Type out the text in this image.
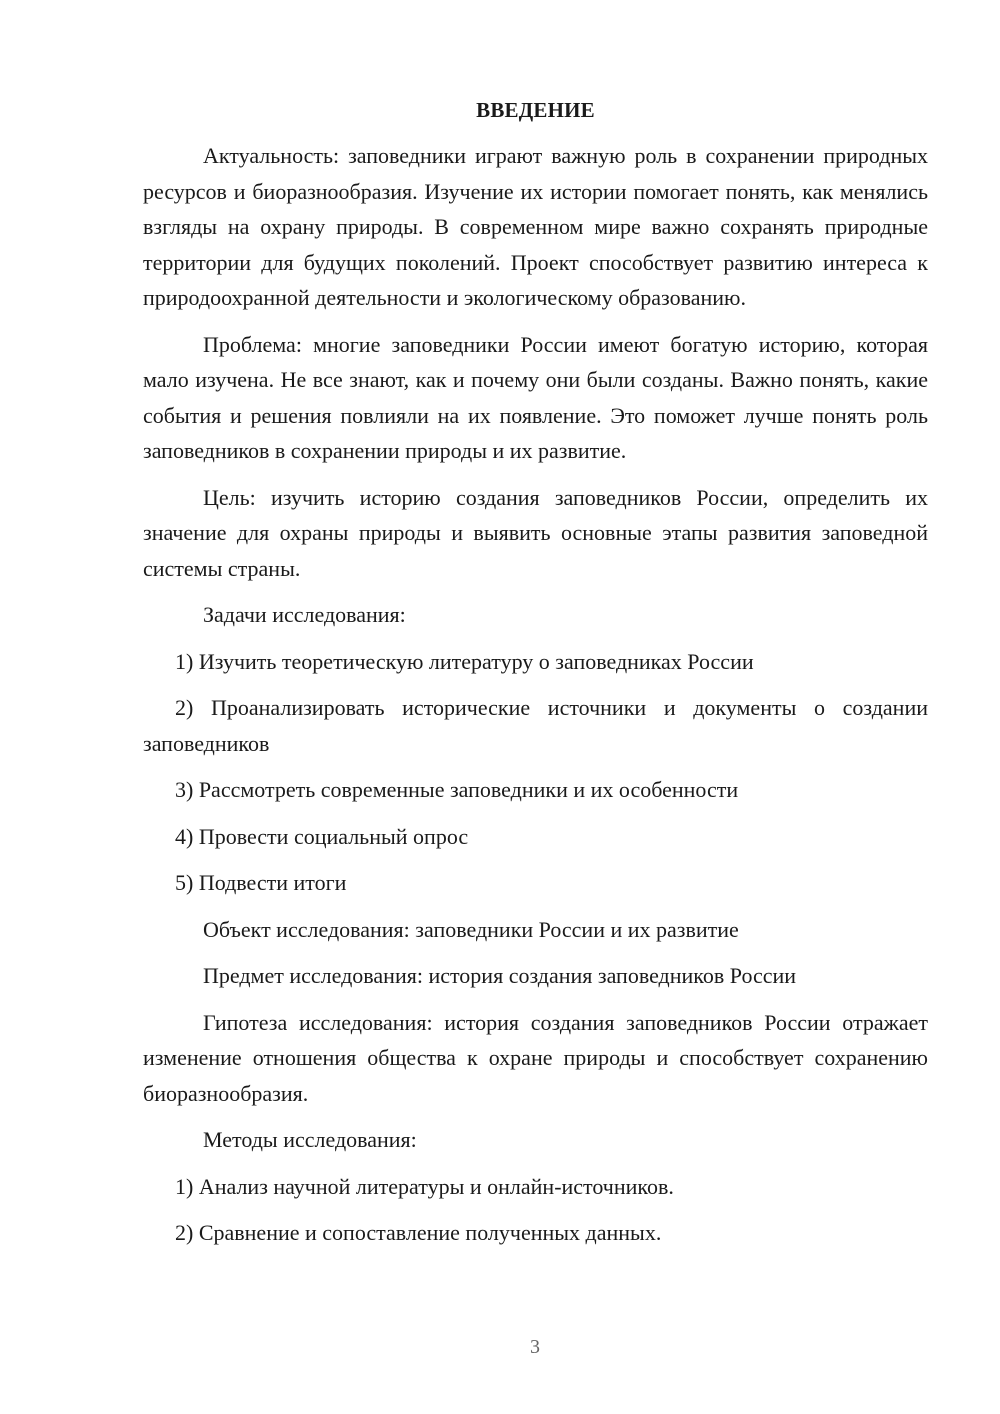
ВВЕДЕНИЕ

Актуальность: заповедники играют важную роль в сохранении природных ресурсов и биоразнообразия. Изучение их истории помогает понять, как менялись взгляды на охрану природы. В современном мире важно сохранять природные территории для будущих поколений. Проект способствует развитию интереса к природоохранной деятельности и экологическому образованию.

Проблема: многие заповедники России имеют богатую историю, которая мало изучена. Не все знают, как и почему они были созданы. Важно понять, какие события и решения повлияли на их появление. Это поможет лучше понять роль заповедников в сохранении природы и их развитие.

Цель: изучить историю создания заповедников России, определить их значение для охраны природы и выявить основные этапы развития заповедной системы страны.

Задачи исследования:

1) Изучить теоретическую литературу о заповедниках России

2) Проанализировать исторические источники и документы о создании заповедников

3) Рассмотреть современные заповедники и их особенности

4) Провести социальный опрос

5) Подвести итоги

Объект исследования: заповедники России и их развитие

Предмет исследования: история создания заповедников России

Гипотеза исследования: история создания заповедников России отражает изменение отношения общества к охране природы и способствует сохранению биоразнообразия.

Методы исследования:

1) Анализ научной литературы и онлайн-источников.

2) Сравнение и сопоставление полученных данных.

3
